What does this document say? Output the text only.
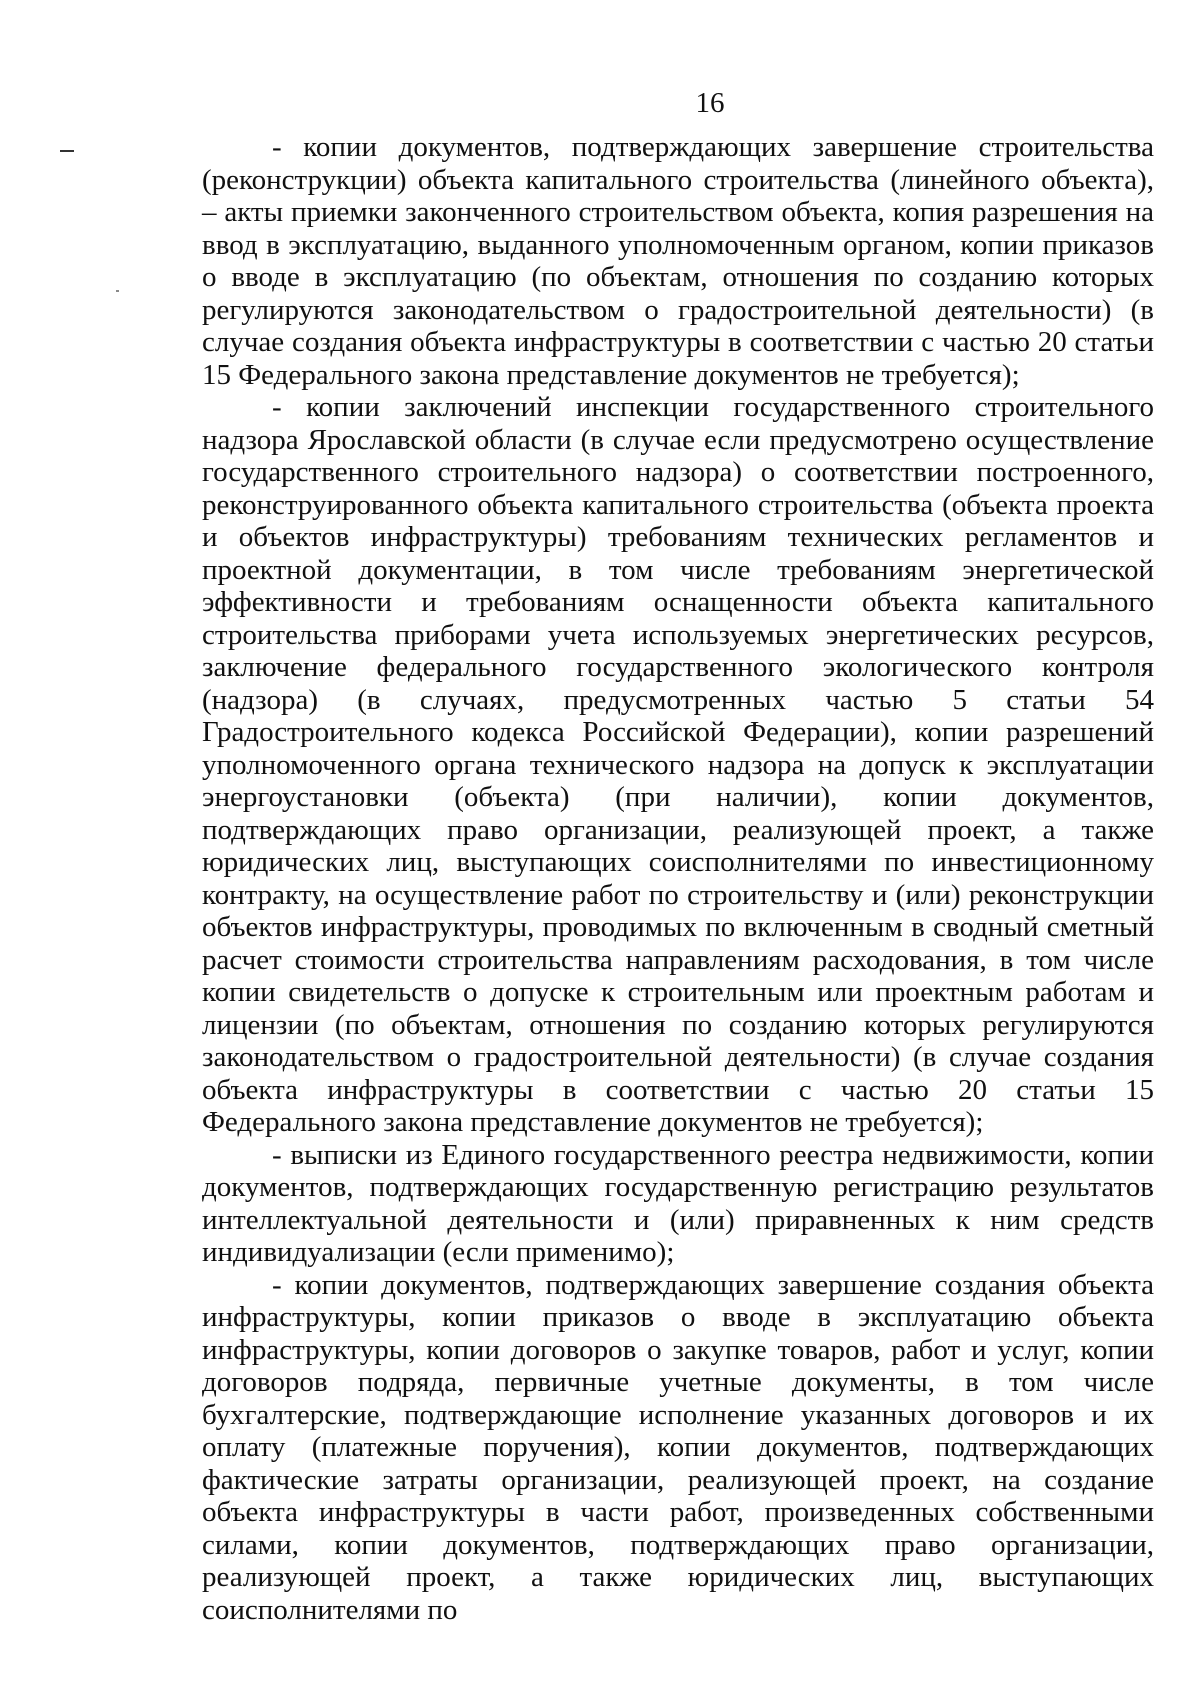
16

- копии документов, подтверждающих завершение строительства (реконструкции) объекта капитального строительства (линейного объекта), – акты приемки законченного строительством объекта, копия разрешения на ввод в эксплуатацию, выданного уполномоченным органом, копии приказов о вводе в эксплуатацию (по объектам, отношения по созданию которых регулируются законодательством о градостроительной деятельности) (в случае создания объекта инфраструктуры в соответствии с частью 20 статьи 15 Федерального закона представление документов не требуется);

- копии заключений инспекции государственного строительного надзора Ярославской области (в случае если предусмотрено осуществление государственного строительного надзора) о соответствии построенного, реконструированного объекта капитального строительства (объекта проекта и объектов инфраструктуры) требованиям технических регламентов и проектной документации, в том числе требованиям энергетической эффективности и требованиям оснащенности объекта капитального строительства приборами учета используемых энергетических ресурсов, заключение федерального государственного экологического контроля (надзора) (в случаях, предусмотренных частью 5 статьи 54 Градостроительного кодекса Российской Федерации), копии разрешений уполномоченного органа технического надзора на допуск к эксплуатации энергоустановки (объекта) (при наличии), копии документов, подтверждающих право организации, реализующей проект, а также юридических лиц, выступающих соисполнителями по инвестиционному контракту, на осуществление работ по строительству и (или) реконструкции объектов инфраструктуры, проводимых по включенным в сводный сметный расчет стоимости строительства направлениям расходования, в том числе копии свидетельств о допуске к строительным или проектным работам и лицензии (по объектам, отношения по созданию которых регулируются законодательством о градостроительной деятельности) (в случае создания объекта инфраструктуры в соответствии с частью 20 статьи 15 Федерального закона представление документов не требуется);

- выписки из Единого государственного реестра недвижимости, копии документов, подтверждающих государственную регистрацию результатов интеллектуальной деятельности и (или) приравненных к ним средств индивидуализации (если применимо);

- копии документов, подтверждающих завершение создания объекта инфраструктуры, копии приказов о вводе в эксплуатацию объекта инфраструктуры, копии договоров о закупке товаров, работ и услуг, копии договоров подряда, первичные учетные документы, в том числе бухгалтерские, подтверждающие исполнение указанных договоров и их оплату (платежные поручения), копии документов, подтверждающих фактические затраты организации, реализующей проект, на создание объекта инфраструктуры в части работ, произведенных собственными силами, копии документов, подтверждающих право организации, реализующей проект, а также юридических лиц, выступающих соисполнителями по
